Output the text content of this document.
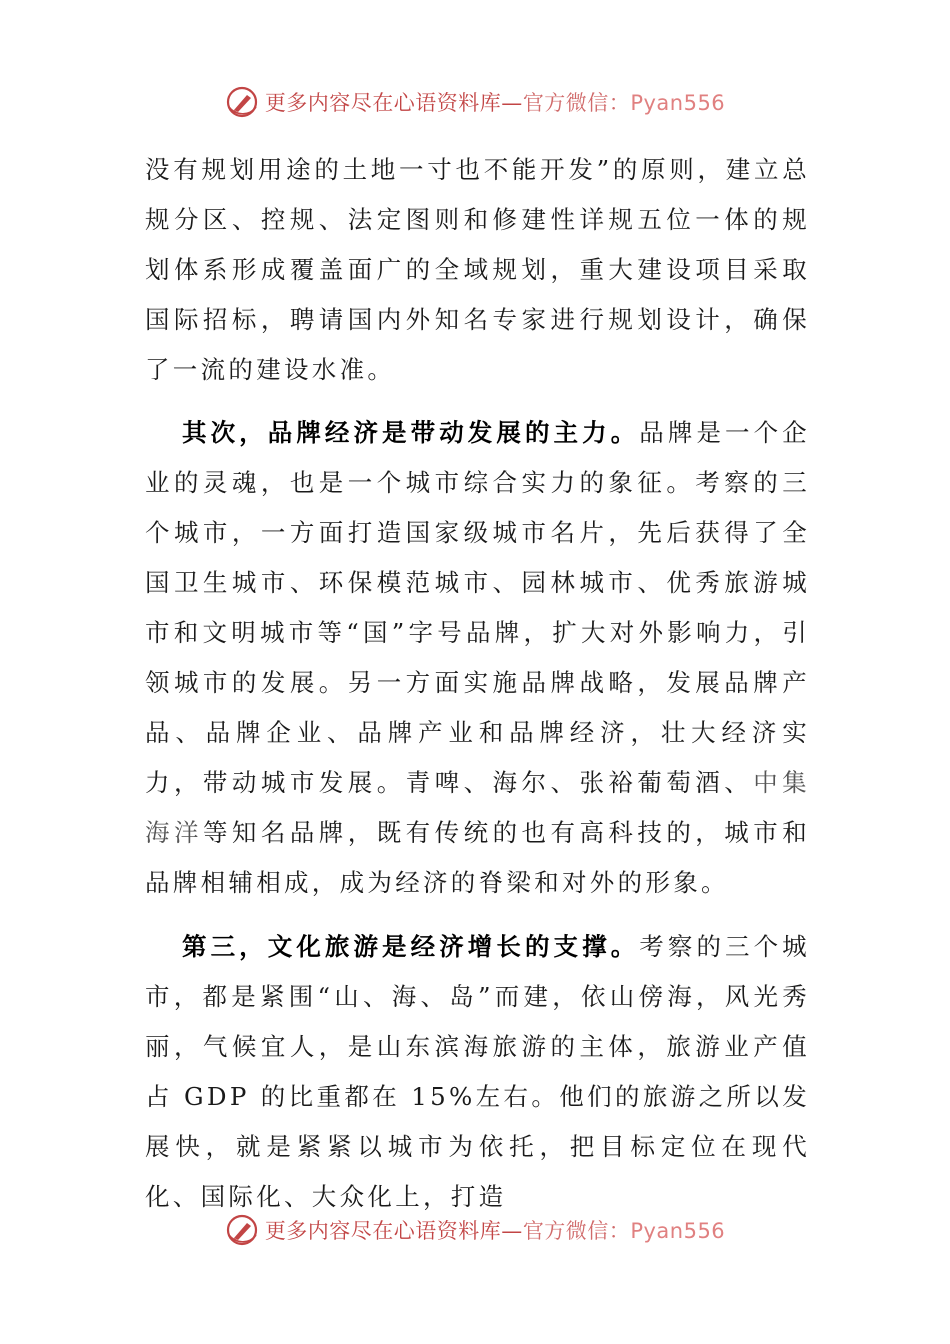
更多内容尽在心语资料库—官方微信：Pyan556

没有规划用途的土地一寸也不能开发”的原则，建立总规分区、控规、法定图则和修建性详规五位一体的规划体系形成覆盖面广的全域规划，重大建设项目采取国际招标，聘请国内外知名专家进行规划设计，确保了一流的建设水准。

其次，品牌经济是带动发展的主力。品牌是一个企业的灵魂，也是一个城市综合实力的象征。考察的三个城市，一方面打造国家级城市名片，先后获得了全国卫生城市、环保模范城市、园林城市、优秀旅游城市和文明城市等“国”字号品牌，扩大对外影响力，引领城市的发展。另一方面实施品牌战略，发展品牌产品、品牌企业、品牌产业和品牌经济，壮大经济实力，带动城市发展。青啤、海尔、张裕葡萄酒、中集海洋等知名品牌，既有传统的也有高科技的，城市和品牌相辅相成，成为经济的脊梁和对外的形象。

第三，文化旅游是经济增长的支撑。考察的三个城市，都是紧围“山、海、岛”而建，依山傍海，风光秀丽，气候宜人，是山东滨海旅游的主体，旅游业产值占 GDP 的比重都在 15%左右。他们的旅游之所以发展快，就是紧紧以城市为依托，把目标定位在现代化、国际化、大众化上，打造

更多内容尽在心语资料库—官方微信：Pyan556
